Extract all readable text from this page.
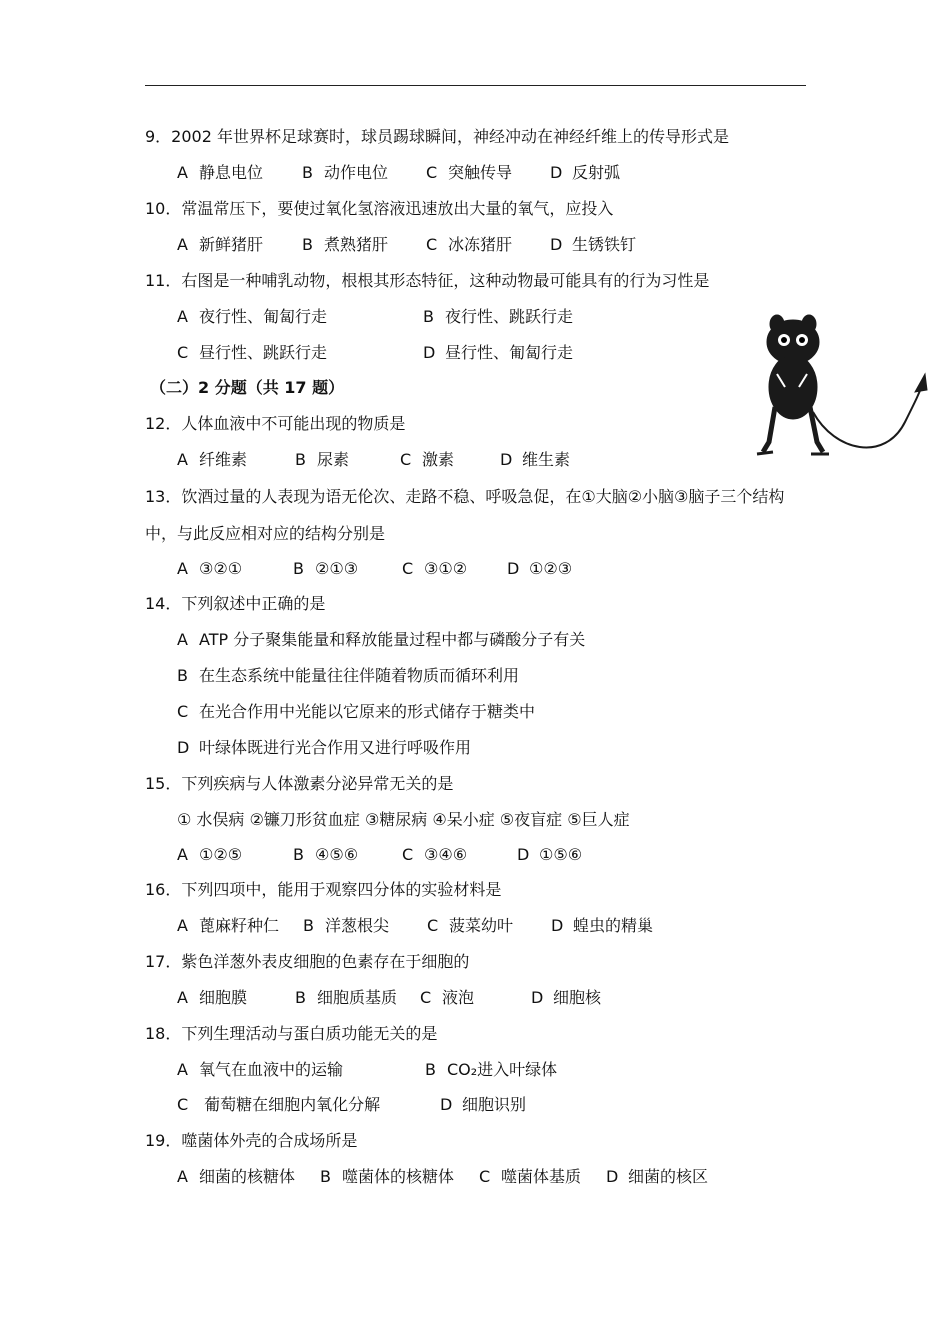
9．2002 年世界杯足球赛时，球员踢球瞬间，神经冲动在神经纤维上的传导形式是
A 静息电位 B 动作电位 C 突触传导 D 反射弧
10．常温常压下，要使过氧化氢溶液迅速放出大量的氧气，应投入
A 新鲜猪肝 B 煮熟猪肝 C 冰冻猪肝 D 生锈铁钉
11．右图是一种哺乳动物，根根其形态特征，这种动物最可能具有的行为习性是
A 夜行性、匍匐行走	B 夜行性、跳跃行走
C 昼行性、跳跃行走	D 昼行性、匍匐行走
（二）2 分题（共 17 题）
12．人体血液中不可能出现的物质是
A 纤维素	B 尿素	C 激素	D 维生素
13．饮酒过量的人表现为语无伦次、走路不稳、呼吸急促，在①大脑②小脑③脑子三个结构
中，与此反应相对应的结构分别是
A ③②①	B ②①③	C ③①② D ①②③
14．下列叙述中正确的是
A ATP 分子聚集能量和释放能量过程中都与磷酸分子有关
B 在生态系统中能量往往伴随着物质而循环利用
C 在光合作用中光能以它原来的形式储存于糖类中
D 叶绿体既进行光合作用又进行呼吸作用
15．下列疾病与人体激素分泌异常无关的是
① 水俣病 ②镰刀形贫血症 ③糖尿病 ④呆小症 ⑤夜盲症 ⑤巨人症
A ①②⑤	B ④⑤⑥	C ③④⑥	D ①⑤⑥
16．下列四项中，能用于观察四分体的实验材料是
A 蓖麻籽种仁 B 洋葱根尖 C 菠菜幼叶 D 蝗虫的精巢
17．紫色洋葱外表皮细胞的色素存在于细胞的
A 细胞膜	B 细胞质基质 C 液泡	D 细胞核
18．下列生理活动与蛋白质功能无关的是
A 氧气在血液中的运输	B CO₂进入叶绿体
C 葡萄糖在细胞内氧化分解	D 细胞识别
19．噬菌体外壳的合成场所是
A 细菌的核糖体 B 噬菌体的核糖体 C 噬菌体基质 D 细菌的核区
